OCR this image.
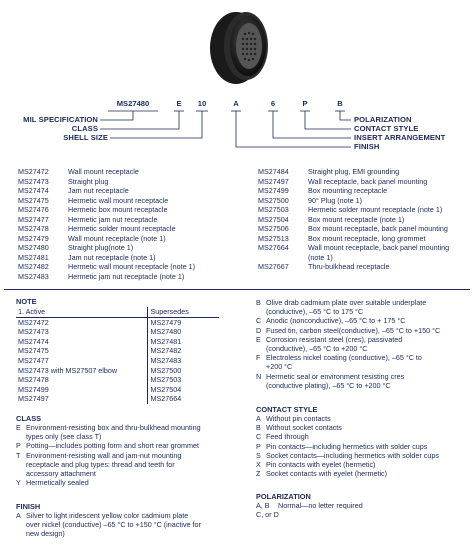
MS27480	E	10	A	6	P	B
MIL SPECIFICATION
CLASS
SHELL SIZE
POLARIZATION
CONTACT STYLE
INSERT ARRANGEMENT
FINISH
MS27472	Wall mount receptacle
MS27473	Straight plug
MS27474	Jam nut receptacle
MS27475	Hermetic wall mount receptacle
MS27476	Hermetic box mount receptacle
MS27477	Hermetic jam nut receptacle
MS27478	Hermetic solder mount receptacle
MS27479	Wall mount receptacle (note 1)
MS27480	Straight plug(note 1)
MS27481	Jam nut receptacle (note 1)
MS27482	Hermetic wall mount receptacle (note 1)
MS27483	Hermetic jam nut receptacle (note 1)
MS27484	Straight plug, EMI grounding
MS27497	Wall receptacle, back panel mounting
MS27499	Box mounting receptacle
MS27500	90° Plug (note 1)
MS27503	Hermetic solder mount receptacle (note 1)
MS27504	Box mount receptacle (note 1)
MS27506	Box mount receptacle, back panel mounting
MS27513	Box mount receptacle, long grommet
MS27664	Wall mount receptacle, back panel mounting
(note 1)
MS27667	Thru-bulkhead receptacle
NOTE
1. Active	Supersedes
MS27472	MS27479
MS27473	MS27480
MS27474	MS27481
MS27475	MS27482
MS27477	MS27483
MS27473 with MS27507 elbow	MS27500
MS27478	MS27503
MS27499	MS27504
MS27497	MS27664
CLASS
E Environment-resisting box and thru-bulkhead mounting
types only (see class T)
P Potting—includes potting form and short rear grommet
T Environment-resisting wall and jam-nut mounting
receptacle and plug types: thread and teeth for
accessory attachment
Y Hermetically sealed
FINISH
A Silver to light iridescent yellow color cadmium plate
over nickel (conductive) –65 °C to +150 °C (inactive for
new design)
B Olive drab cadmium plate over suitable underplate
(conductive), –65 °C to 175 °C
C Anodic (nonconductive), –65 °C to + 175 °C
D Fused tin, carbon steel(conductive), –65 °C to +150 °C
E Corrosion resistant steel (cres), passivated
(conductive), –65 °C to +200 °C
F Electroless nickel coating (conductive), –65 °C to
+200 °C
N Hermetic seal or environment resisting cres
(conductive plating), –65 °C to +200 °C
CONTACT STYLE
A Without pin contacts
B Without socket contacts
C Feed through
P Pin contacts—including hermetics with solder cups
S Socket contacts—including hermetics with solder cups
X Pin contacts with eyelet (hermetic)
Z Socket contacts with eyelet (hermetic)
POLARIZATION
A, B	Normal—no letter required
C, or D
